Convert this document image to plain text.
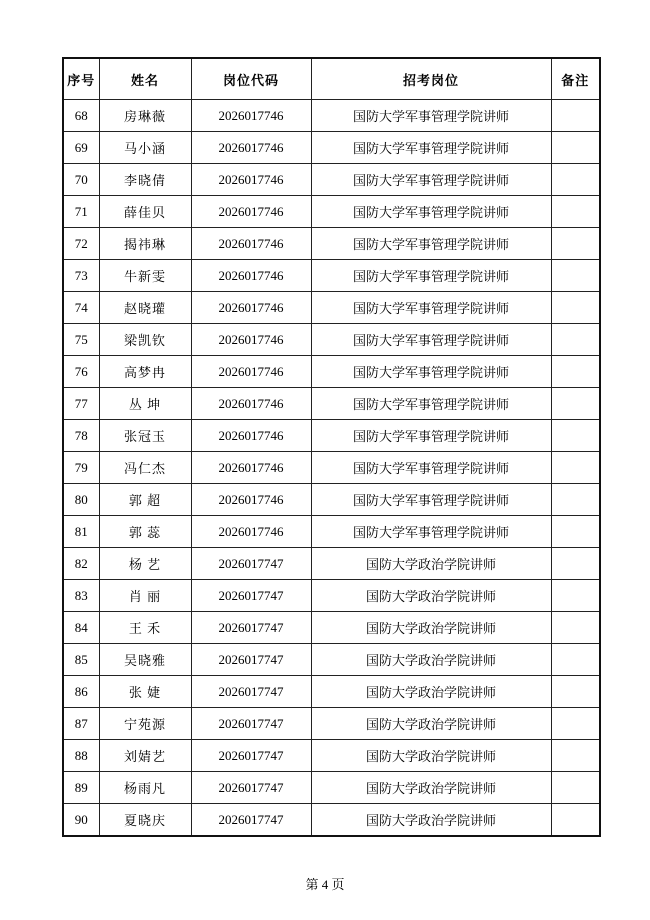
序号	姓名	岗位代码	招考岗位	备注
68	房琳薇	2026017746	国防大学军事管理学院讲师	
69	马小涵	2026017746	国防大学军事管理学院讲师	
70	李晓倩	2026017746	国防大学军事管理学院讲师	
71	薛佳贝	2026017746	国防大学军事管理学院讲师	
72	揭祎琳	2026017746	国防大学军事管理学院讲师	
73	牛新雯	2026017746	国防大学军事管理学院讲师	
74	赵晓瓘	2026017746	国防大学军事管理学院讲师	
75	梁凯钦	2026017746	国防大学军事管理学院讲师	
76	高梦冉	2026017746	国防大学军事管理学院讲师	
77	丛 坤	2026017746	国防大学军事管理学院讲师	
78	张冠玉	2026017746	国防大学军事管理学院讲师	
79	冯仁杰	2026017746	国防大学军事管理学院讲师	
80	郭 超	2026017746	国防大学军事管理学院讲师	
81	郭 蕊	2026017746	国防大学军事管理学院讲师	
82	杨 艺	2026017747	国防大学政治学院讲师	
83	肖 丽	2026017747	国防大学政治学院讲师	
84	王 禾	2026017747	国防大学政治学院讲师	
85	吴晓雅	2026017747	国防大学政治学院讲师	
86	张 婕	2026017747	国防大学政治学院讲师	
87	宁苑源	2026017747	国防大学政治学院讲师	
88	刘婧艺	2026017747	国防大学政治学院讲师	
89	杨雨凡	2026017747	国防大学政治学院讲师	
90	夏晓庆	2026017747	国防大学政治学院讲师	
第 4 页
